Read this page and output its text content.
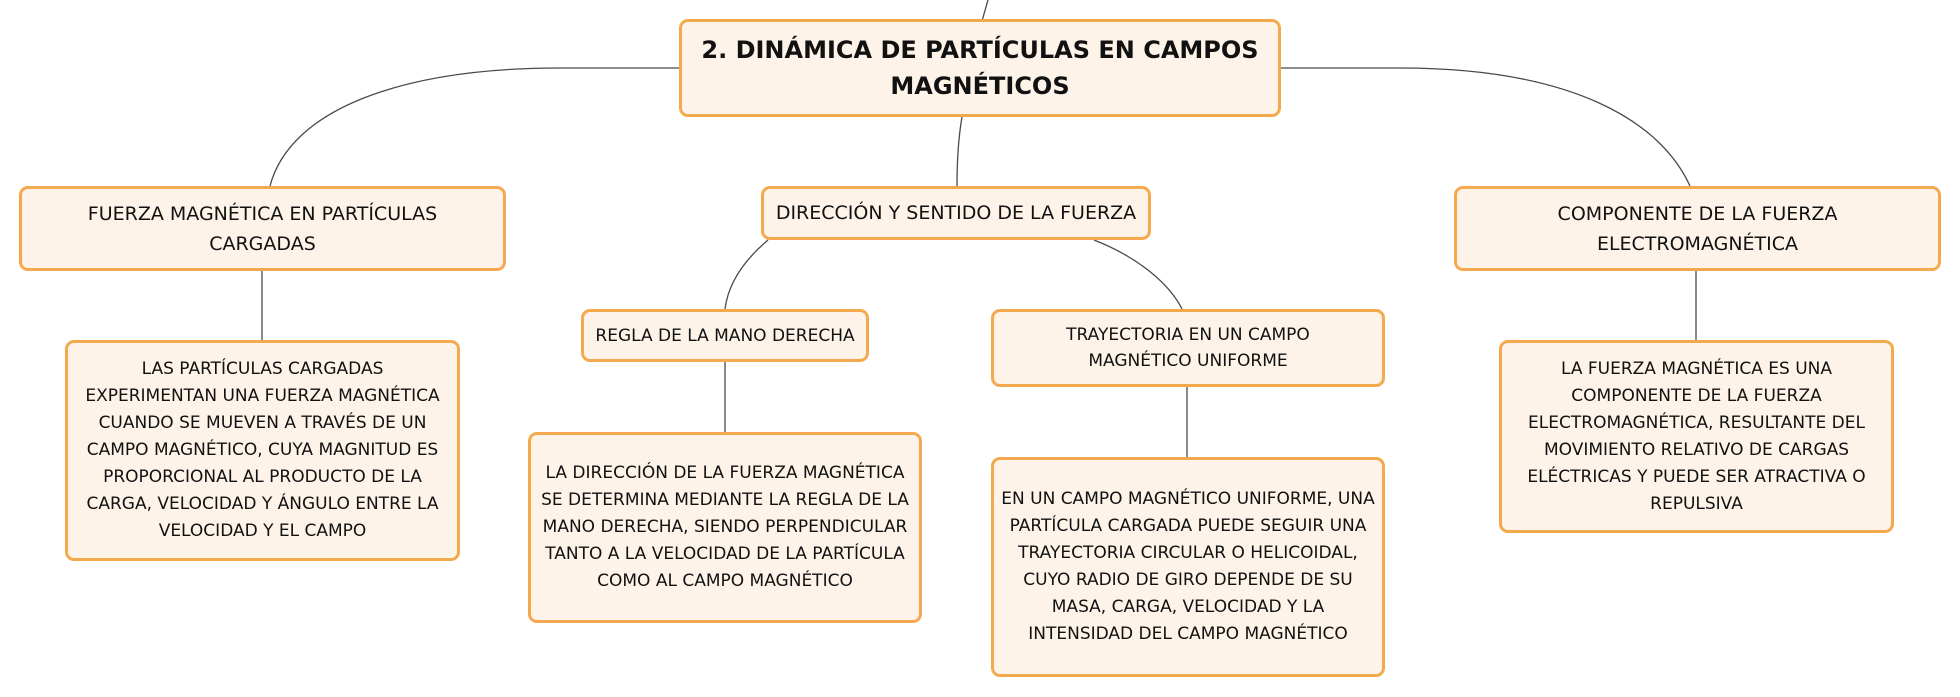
2. DINÁMICA DE PARTÍCULAS EN CAMPOS MAGNÉTICOS
FUERZA MAGNÉTICA EN PARTÍCULAS CARGADAS
DIRECCIÓN Y SENTIDO DE LA FUERZA	COMPONENTE DE LA FUERZA ELECTROMAGNÉTICA
REGLA DE LA MANO DERECHA	TRAYECTORIA EN UN CAMPO MAGNÉTICO UNIFORME
LAS PARTÍCULAS CARGADAS EXPERIMENTAN UNA FUERZA MAGNÉTICA CUANDO SE MUEVEN A TRAVÉS DE UN CAMPO MAGNÉTICO, CUYA MAGNITUD ES PROPORCIONAL AL PRODUCTO DE LA CARGA, VELOCIDAD Y ÁNGULO ENTRE LA VELOCIDAD Y EL CAMPO
LA DIRECCIÓN DE LA FUERZA MAGNÉTICA SE DETERMINA MEDIANTE LA REGLA DE LA MANO DERECHA, SIENDO PERPENDICULAR TANTO A LA VELOCIDAD DE LA PARTÍCULA COMO AL CAMPO MAGNÉTICO
EN UN CAMPO MAGNÉTICO UNIFORME, UNA PARTÍCULA CARGADA PUEDE SEGUIR UNA TRAYECTORIA CIRCULAR O HELICOIDAL, CUYO RADIO DE GIRO DEPENDE DE SU MASA, CARGA, VELOCIDAD Y LA INTENSIDAD DEL CAMPO MAGNÉTICO
LA FUERZA MAGNÉTICA ES UNA COMPONENTE DE LA FUERZA ELECTROMAGNÉTICA, RESULTANTE DEL MOVIMIENTO RELATIVO DE CARGAS ELÉCTRICAS Y PUEDE SER ATRACTIVA O REPULSIVA
